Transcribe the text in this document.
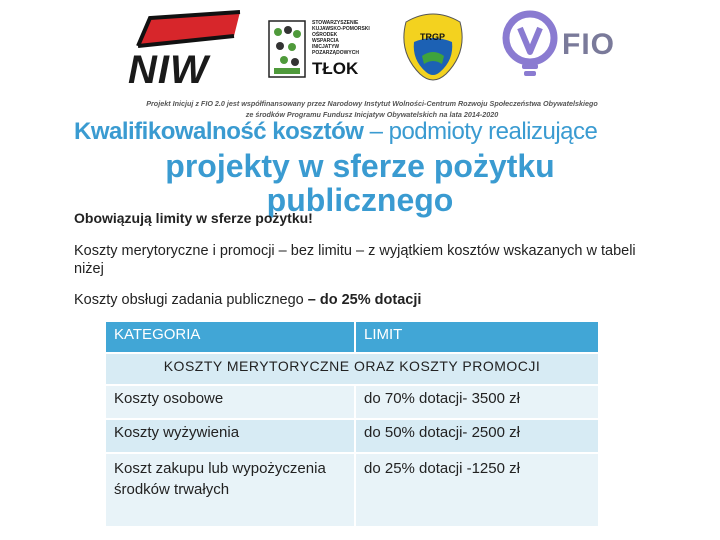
NIW
STOWARZYSZENIE
KUJAWSKO-POMORSKI
OŚRODEK
WSPARCIA
INICJATYW
POZARZĄDOWYCH
TŁOK
TRGP	FIO
Projekt Inicjuj z FIO 2.0 jest współfinansowany przez Narodowy Instytut Wolności-Centrum Rozwoju Społeczeństwa Obywatelskiego
ze środków Programu Fundusz Inicjatyw Obywatelskich na lata 2014-2020
Kwalifikowalność kosztów – podmioty realizujące
projekty w sferze pożytku
publicznego
Obowiązują limity w sferze pożytku!
Koszty merytoryczne i promocji – bez limitu – z wyjątkiem kosztów wskazanych w tabeli niżej
Koszty obsługi zadania publicznego – do 25% dotacji
KATEGORIA	LIMIT
KOSZTY MERYTORYCZNE ORAZ KOSZTY PROMOCJI	
Koszty osobowe	do 70% dotacji- 3500 zł
Koszty wyżywienia	do 50% dotacji- 2500 zł
Koszt zakupu lub wypożyczenia środków trwałych	do 25% dotacji -1250 zł
